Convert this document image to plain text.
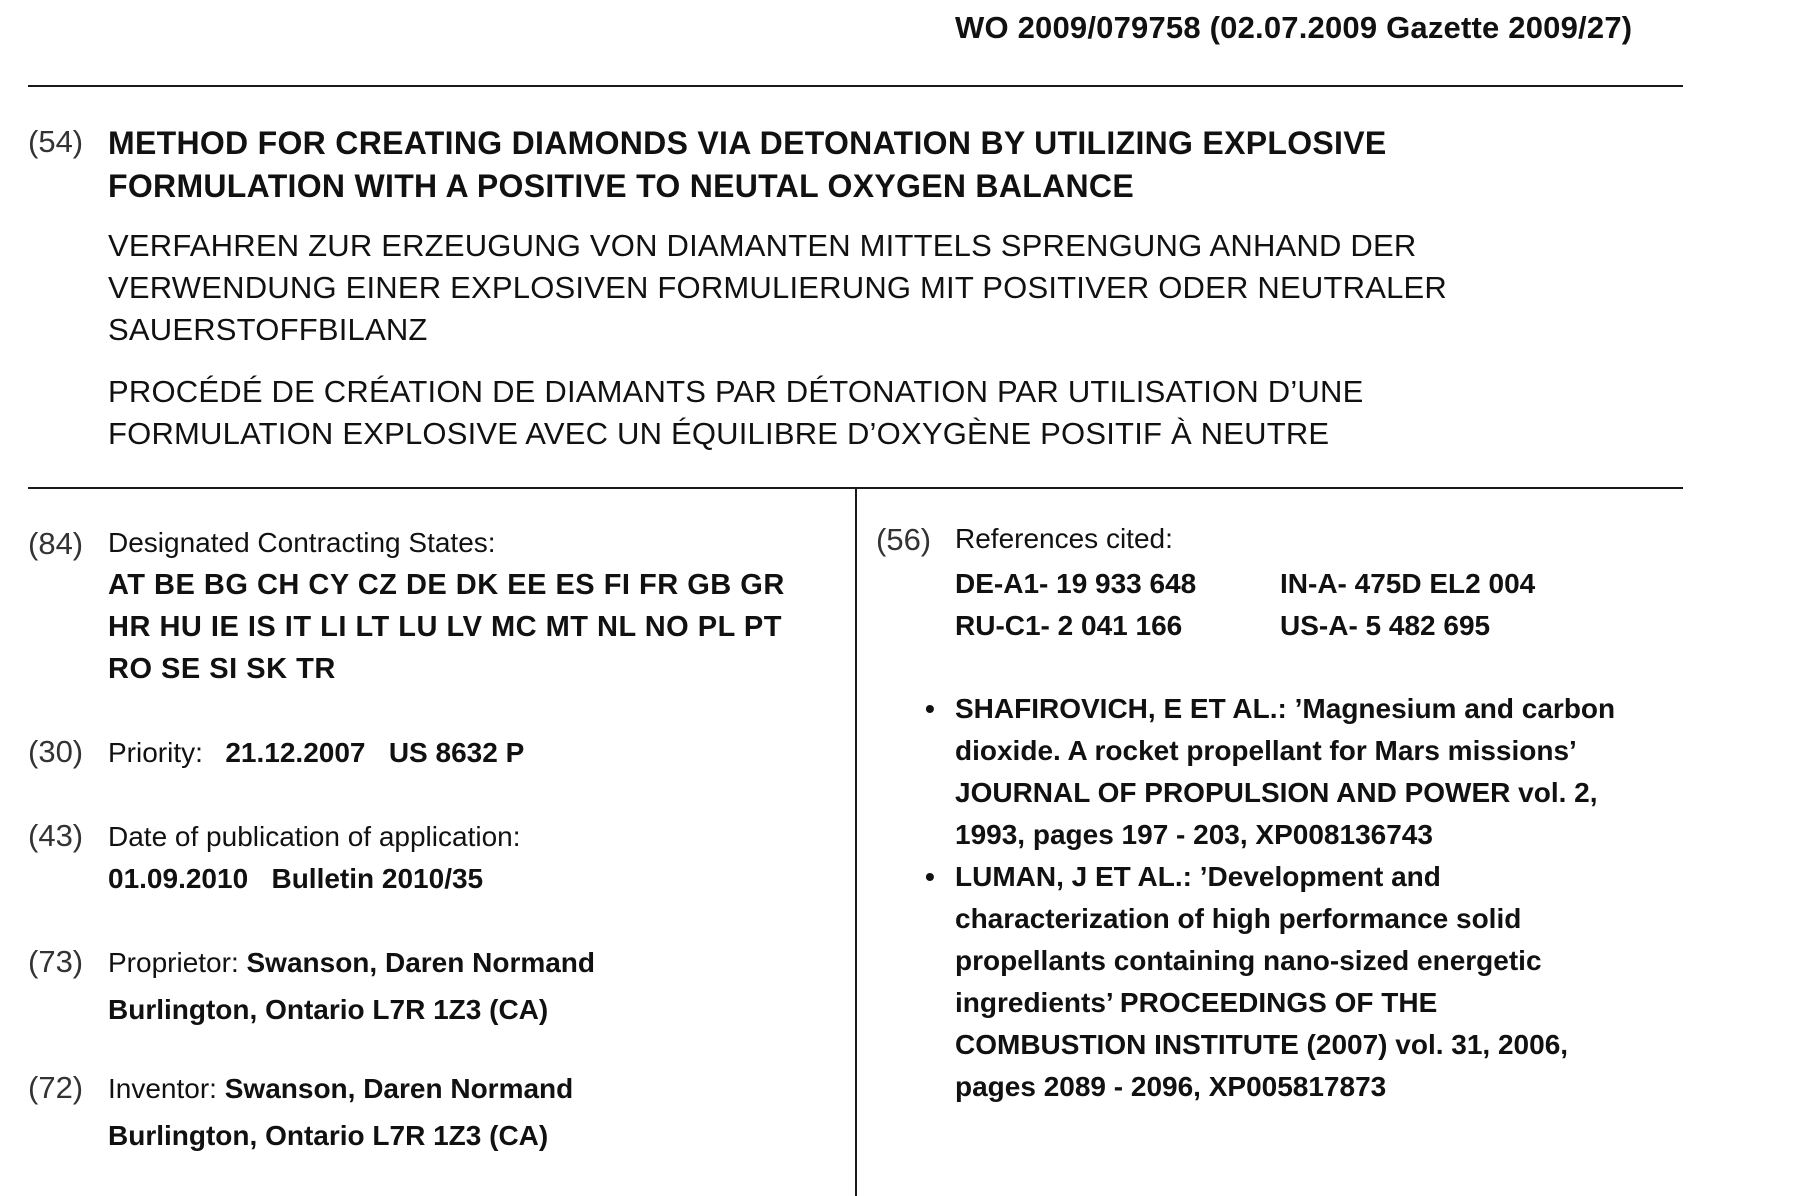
WO 2009/079758 (02.07.2009 Gazette 2009/27)
(54) METHOD FOR CREATING DIAMONDS VIA DETONATION BY UTILIZING EXPLOSIVE
FORMULATION WITH A POSITIVE TO NEUTAL OXYGEN BALANCE
VERFAHREN ZUR ERZEUGUNG VON DIAMANTEN MITTELS SPRENGUNG ANHAND DER
VERWENDUNG EINER EXPLOSIVEN FORMULIERUNG MIT POSITIVER ODER NEUTRALER
SAUERSTOFFBILANZ
PROCÉDÉ DE CRÉATION DE DIAMANTS PAR DÉTONATION PAR UTILISATION D’UNE
FORMULATION EXPLOSIVE AVEC UN ÉQUILIBRE D’OXYGÈNE POSITIF À NEUTRE
(84) Designated Contracting States:
AT BE BG CH CY CZ DE DK EE ES FI FR GB GR
HR HU IE IS IT LI LT LU LV MC MT NL NO PL PT
RO SE SI SK TR
(30) Priority: 21.12.2007   US 8632 P
(43) Date of publication of application:
01.09.2010   Bulletin 2010/35
(73) Proprietor: Swanson, Daren Normand
Burlington, Ontario L7R 1Z3 (CA)
(72) Inventor: Swanson, Daren Normand
Burlington, Ontario L7R 1Z3 (CA)
(56) References cited:
DE-A1- 19 933 648	IN-A- 475D EL2 004
RU-C1- 2 041 166	US-A- 5 482 695
• SHAFIROVICH, E ET AL.: ’Magnesium and carbon
dioxide. A rocket propellant for Mars missions’
JOURNAL OF PROPULSION AND POWER vol. 2,
1993, pages 197 - 203, XP008136743
• LUMAN, J ET AL.: ’Development and
characterization of high performance solid
propellants containing nano-sized energetic
ingredients’ PROCEEDINGS OF THE
COMBUSTION INSTITUTE (2007) vol. 31, 2006,
pages 2089 - 2096, XP005817873
